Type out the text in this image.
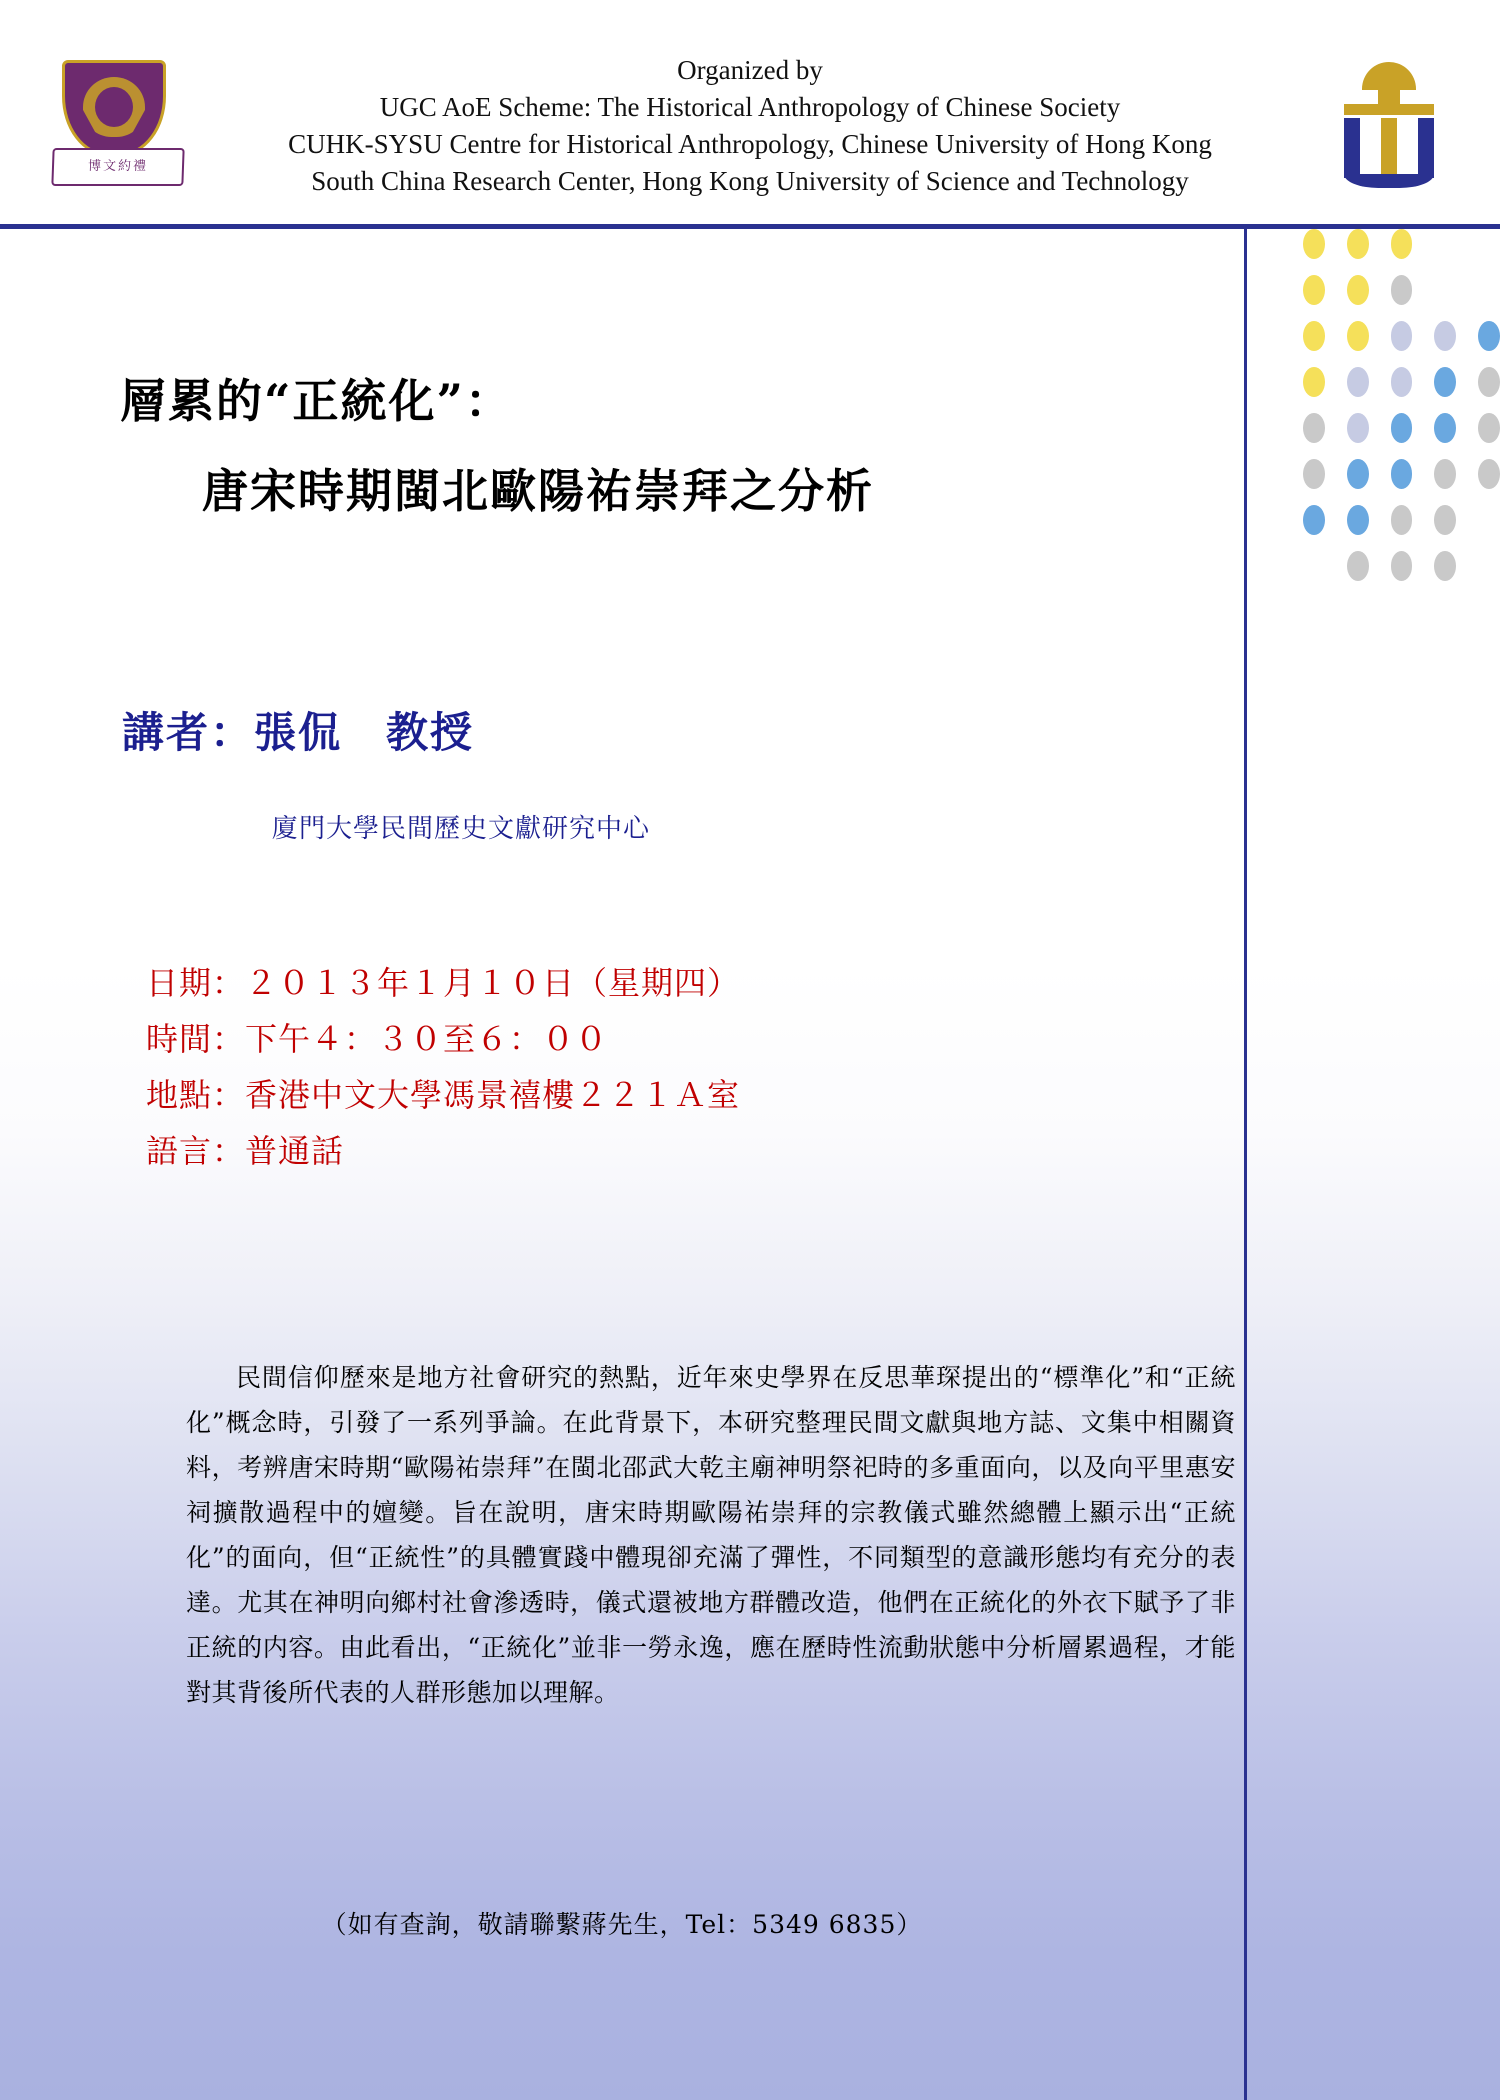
博文約禮
Organized by
UGC AoE Scheme: The Historical Anthropology of Chinese Society
CUHK-SYSU Centre for Historical Anthropology, Chinese University of Hong Kong
South China Research Center, Hong Kong University of Science and Technology
層累的“正統化”：
唐宋時期閩北歐陽祐崇拜之分析
講者：張侃　教授
廈門大學民間歷史文獻研究中心
日期：２０１３年１月１０日（星期四）
時間：下午４：３０至６：００
地點：香港中文大學馮景禧樓２２１Ａ室
語言：普通話
民間信仰歷來是地方社會研究的熱點，近年來史學界在反思華琛提出的“標準化”和“正統化”概念時，引發了一系列爭論。在此背景下，本研究整理民間文獻與地方誌、文集中相關資料，考辨唐宋時期“歐陽祐崇拜”在閩北邵武大乾主廟神明祭祀時的多重面向，以及向平里惠安祠擴散過程中的嬗變。旨在說明，唐宋時期歐陽祐崇拜的宗教儀式雖然總體上顯示出“正統化”的面向，但“正統性”的具體實踐中體現卻充滿了彈性，不同類型的意識形態均有充分的表達。尤其在神明向鄉村社會滲透時，儀式還被地方群體改造，他們在正統化的外衣下賦予了非正統的内容。由此看出，“正統化”並非一勞永逸，應在歷時性流動狀態中分析層累過程，才能對其背後所代表的人群形態加以理解。
（如有查詢，敬請聯繫蔣先生，Tel：5349 6835）
